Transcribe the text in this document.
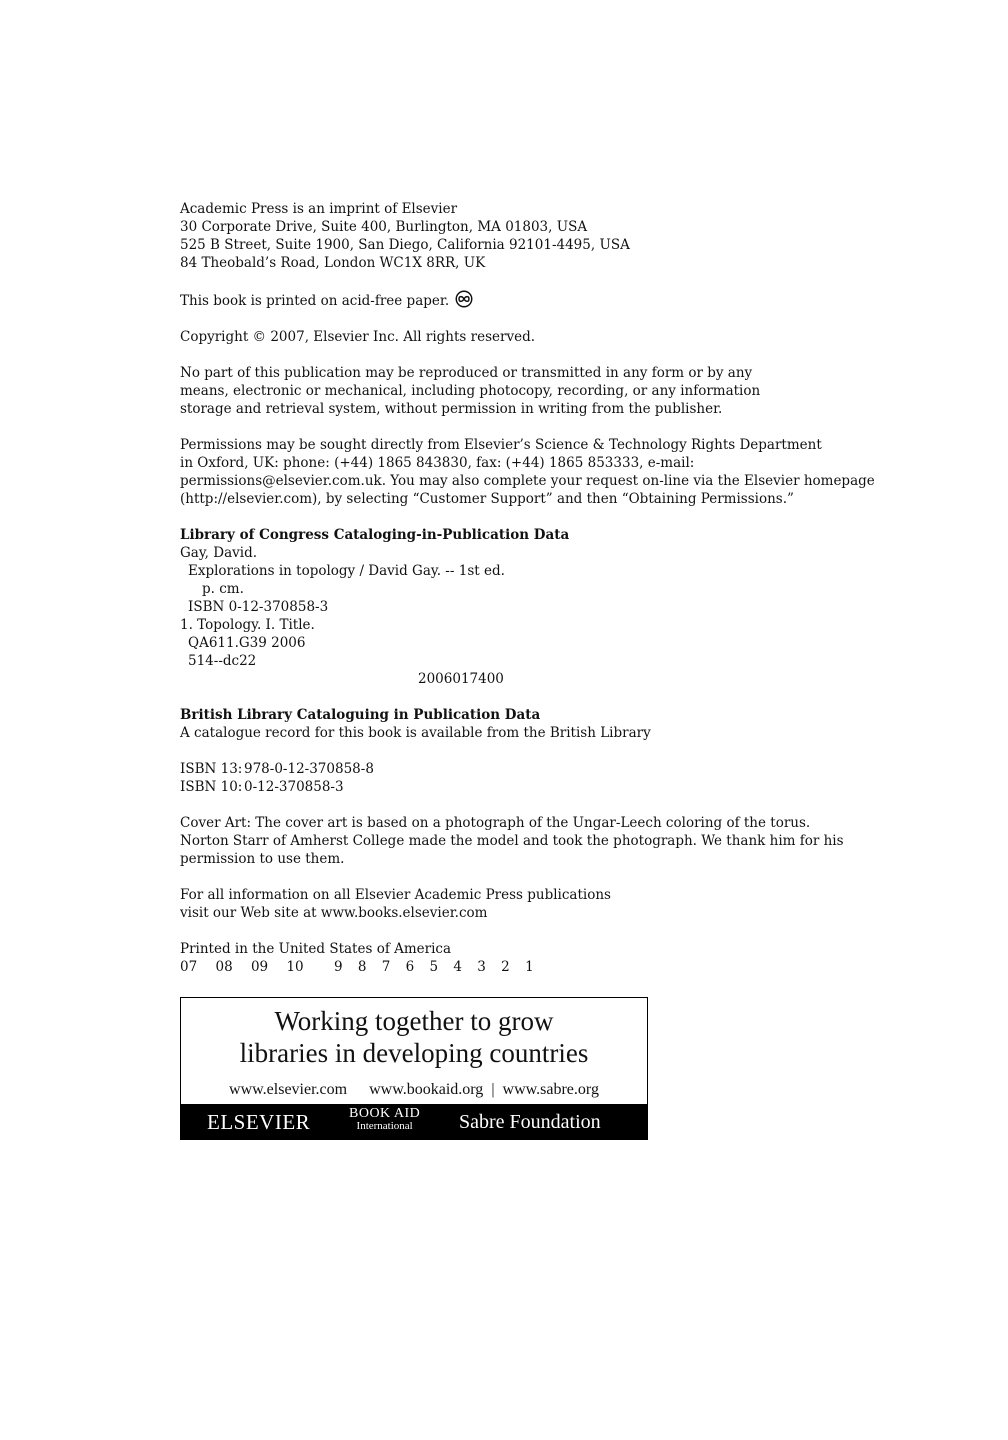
Academic Press is an imprint of Elsevier
30 Corporate Drive, Suite 400, Burlington, MA 01803, USA
525 B Street, Suite 1900, San Diego, California 92101-4495, USA
84 Theobald’s Road, London WC1X 8RR, UK
This book is printed on acid-free paper.
Copyright © 2007, Elsevier Inc. All rights reserved.
No part of this publication may be reproduced or transmitted in any form or by any
means, electronic or mechanical, including photocopy, recording, or any information
storage and retrieval system, without permission in writing from the publisher.
Permissions may be sought directly from Elsevier’s Science & Technology Rights Department
in Oxford, UK: phone: (+44) 1865 843830, fax: (+44) 1865 853333, e-mail:
permissions@elsevier.com.uk. You may also complete your request on-line via the Elsevier homepage
(http://elsevier.com), by selecting “Customer Support” and then “Obtaining Permissions.”
Library of Congress Cataloging-in-Publication Data
Gay, David.
Explorations in topology / David Gay. -- 1st ed.
p. cm.
ISBN 0-12-370858-3
1. Topology. I. Title.
QA611.G39 2006
514--dc22
2006017400
British Library Cataloguing in Publication Data
A catalogue record for this book is available from the British Library
ISBN 13: 978-0-12-370858-8
ISBN 10: 0-12-370858-3
Cover Art: The cover art is based on a photograph of the Ungar-Leech coloring of the torus.
Norton Starr of Amherst College made the model and took the photograph. We thank him for his
permission to use them.
For all information on all Elsevier Academic Press publications
visit our Web site at www.books.elsevier.com
Printed in the United States of America
07 08 09 10 9 8 7 6 5 4 3 2 1
Working together to grow
libraries in developing countries
www.elsevier.com www.bookaid.org | www.sabre.org
ELSEVIER	BOOK AID
International	Sabre Foundation
